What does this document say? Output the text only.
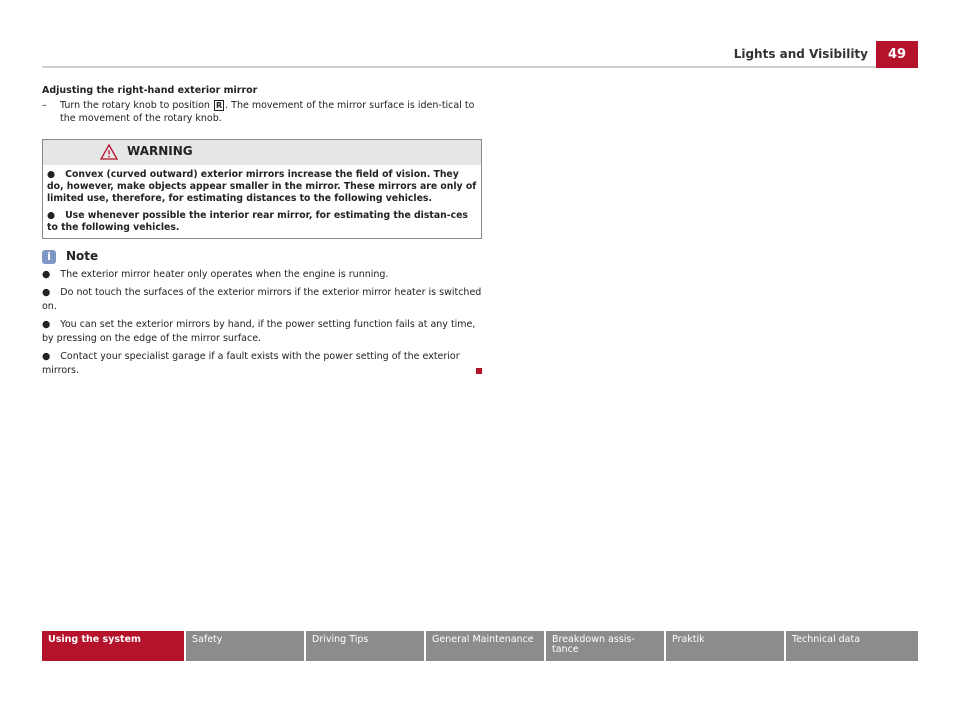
Lights and Visibility	49
Adjusting the right-hand exterior mirror
–	Turn the rotary knob to position R . The movement of the mirror surface is iden-tical to the movement of the rotary knob.
WARNING

● Convex (curved outward) exterior mirrors increase the field of vision. They do, however, make objects appear smaller in the mirror. These mirrors are only of limited use, therefore, for estimating distances to the following vehicles.

● Use whenever possible the interior rear mirror, for estimating the distan-ces to the following vehicles.

i	Note

● The exterior mirror heater only operates when the engine is running.

● Do not touch the surfaces of the exterior mirrors if the exterior mirror heater is switched on.

● You can set the exterior mirrors by hand, if the power setting function fails at any time, by pressing on the edge of the mirror surface.

● Contact your specialist garage if a fault exists with the power setting of the exterior mirrors.

Using the system	Safety	Driving Tips	General Maintenance	Breakdown assis-tance
Praktik	Technical data
